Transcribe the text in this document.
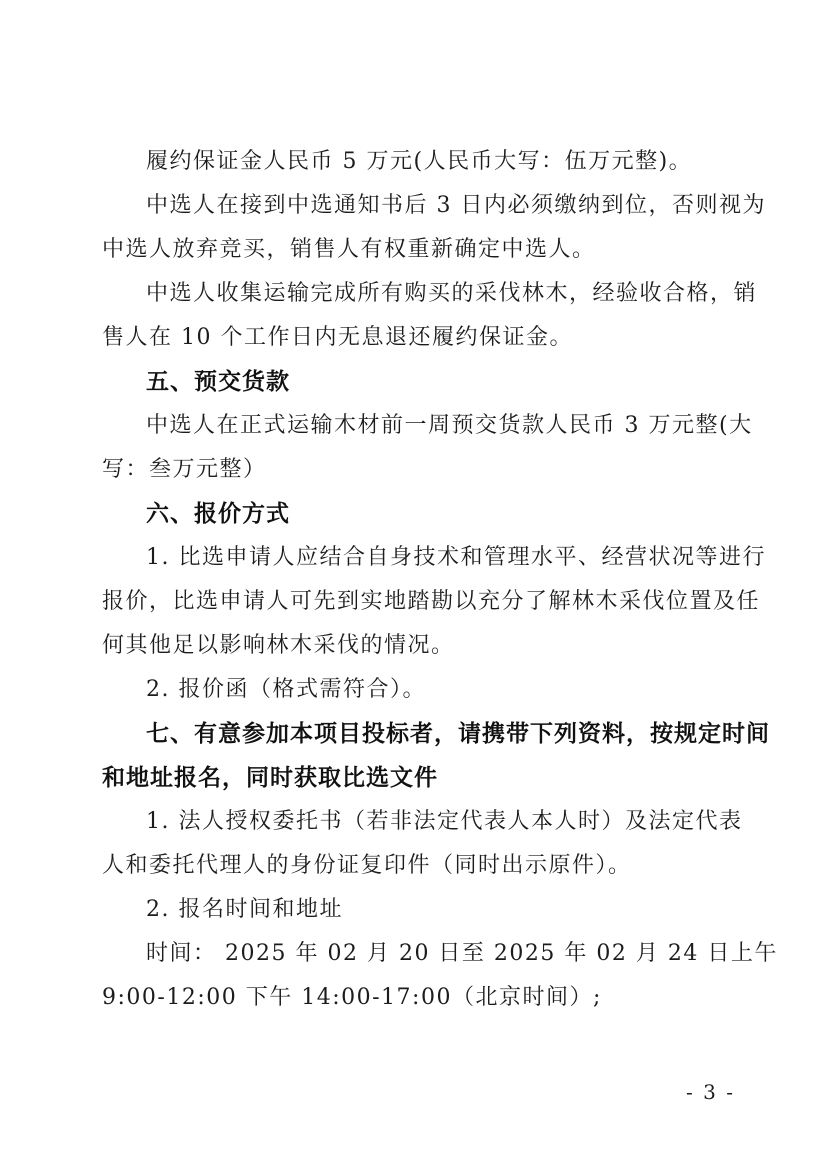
履约保证金人民币 5 万元(人民币大写：伍万元整)。
中选人在接到中选通知书后 3 日内必须缴纳到位，否则视为
中选人放弃竞买，销售人有权重新确定中选人。
中选人收集运输完成所有购买的采伐林木，经验收合格，销
售人在 10 个工作日内无息退还履约保证金。
五、预交货款
中选人在正式运输木材前一周预交货款人民币 3 万元整(大
写：叁万元整）
六、报价方式
1. 比选申请人应结合自身技术和管理水平、经营状况等进行
报价，比选申请人可先到实地踏勘以充分了解林木采伐位置及任
何其他足以影响林木采伐的情况。
2. 报价函（格式需符合）。
七、有意参加本项目投标者，请携带下列资料，按规定时间
和地址报名，同时获取比选文件
1. 法人授权委托书（若非法定代表人本人时）及法定代表
人和委托代理人的身份证复印件（同时出示原件）。
2. 报名时间和地址
时间： 2025 年 02 月 20 日至 2025 年 02 月 24 日上午
9:00-12:00 下午 14:00-17:00（北京时间）;
- 3 -
